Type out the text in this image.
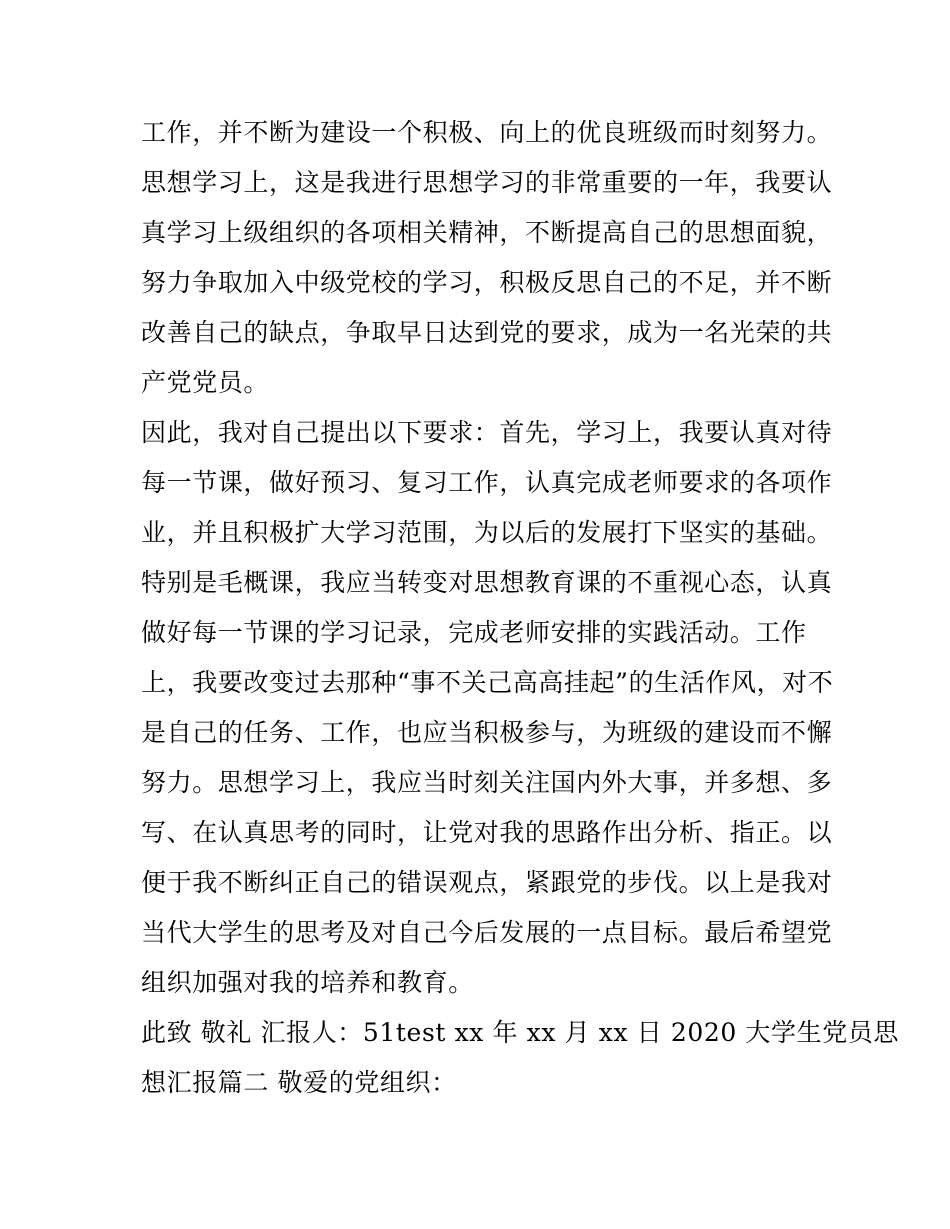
工作，并不断为建设一个积极、向上的优良班级而时刻努力。
思想学习上，这是我进行思想学习的非常重要的一年，我要认
真学习上级组织的各项相关精神，不断提高自己的思想面貌，
努力争取加入中级党校的学习，积极反思自己的不足，并不断
改善自己的缺点，争取早日达到党的要求，成为一名光荣的共
产党党员。
因此，我对自己提出以下要求：首先，学习上，我要认真对待
每一节课，做好预习、复习工作，认真完成老师要求的各项作
业，并且积极扩大学习范围，为以后的发展打下坚实的基础。
特别是毛概课，我应当转变对思想教育课的不重视心态，认真
做好每一节课的学习记录，完成老师安排的实践活动。工作
上，我要改变过去那种“事不关己高高挂起”的生活作风，对不
是自己的任务、工作，也应当积极参与，为班级的建设而不懈
努力。思想学习上，我应当时刻关注国内外大事，并多想、多
写、在认真思考的同时，让党对我的思路作出分析、指正。以
便于我不断纠正自己的错误观点，紧跟党的步伐。以上是我对
当代大学生的思考及对自己今后发展的一点目标。最后希望党
组织加强对我的培养和教育。
此致 敬礼 汇报人：51test xx 年 xx 月 xx 日 2020 大学生党员思
想汇报篇二 敬爱的党组织：
